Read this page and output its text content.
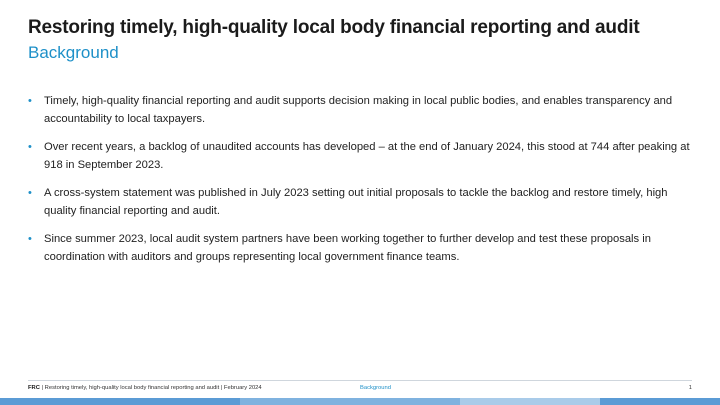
Restoring timely, high-quality local body financial reporting and audit
Background
• Timely, high-quality financial reporting and audit supports decision making in local public bodies, and enables transparency and accountability to local taxpayers.
• Over recent years, a backlog of unaudited accounts has developed – at the end of January 2024, this stood at 744 after peaking at 918 in September 2023.
• A cross-system statement was published in July 2023 setting out initial proposals to tackle the backlog and restore timely, high quality financial reporting and audit.
• Since summer 2023, local audit system partners have been working together to further develop and test these proposals in coordination with auditors and groups representing local government finance teams.
FRC | Restoring timely, high-quality local body financial reporting and audit | February 2024	Background	1
